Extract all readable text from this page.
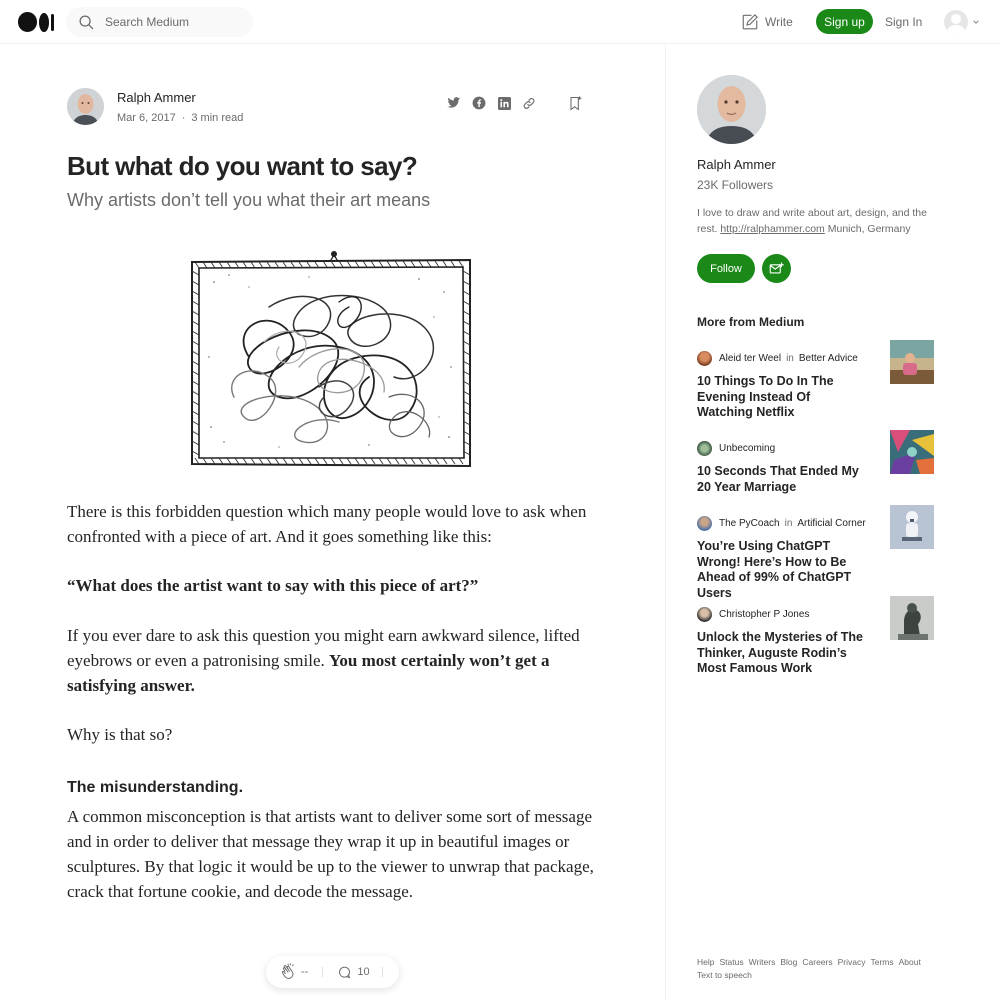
Search Medium
Write	Sign up	Sign In
Ralph Ammer
Mar 6, 2017 · 3 min read
But what do you want to say?
Why artists don’t tell you what their art means

There is this forbidden question which many people would love to ask when confronted with a piece of art. And it goes something like this:

“What does the artist want to say with this piece of art?”

If you ever dare to ask this question you might earn awkward silence, lifted eyebrows or even a patronising smile. You most certainly won’t get a satisfying answer.

Why is that so?

The misunderstanding.

A common misconception is that artists want to deliver some sort of message and in order to deliver that message they wrap it up in beautiful images or sculptures. By that logic it would be up to the viewer to unwrap that package, crack that fortune cookie, and decode the message.

--	10
Ralph Ammer
23K Followers

I love to draw and write about art, design, and the rest. http://ralphammer.com Munich, Germany

Follow
More from Medium
Aleid ter Weel in Better Advice
10 Things To Do In The Evening Instead Of Watching Netflix
Unbecoming
10 Seconds That Ended My 20 Year Marriage
The PyCoach in Artificial Corner
You’re Using ChatGPT Wrong! Here’s How to Be Ahead of 99% of ChatGPT Users
Christopher P Jones
Unlock the Mysteries of The Thinker, Auguste Rodin’s Most Famous Work
Help Status Writers Blog Careers Privacy Terms About
Text to speech
